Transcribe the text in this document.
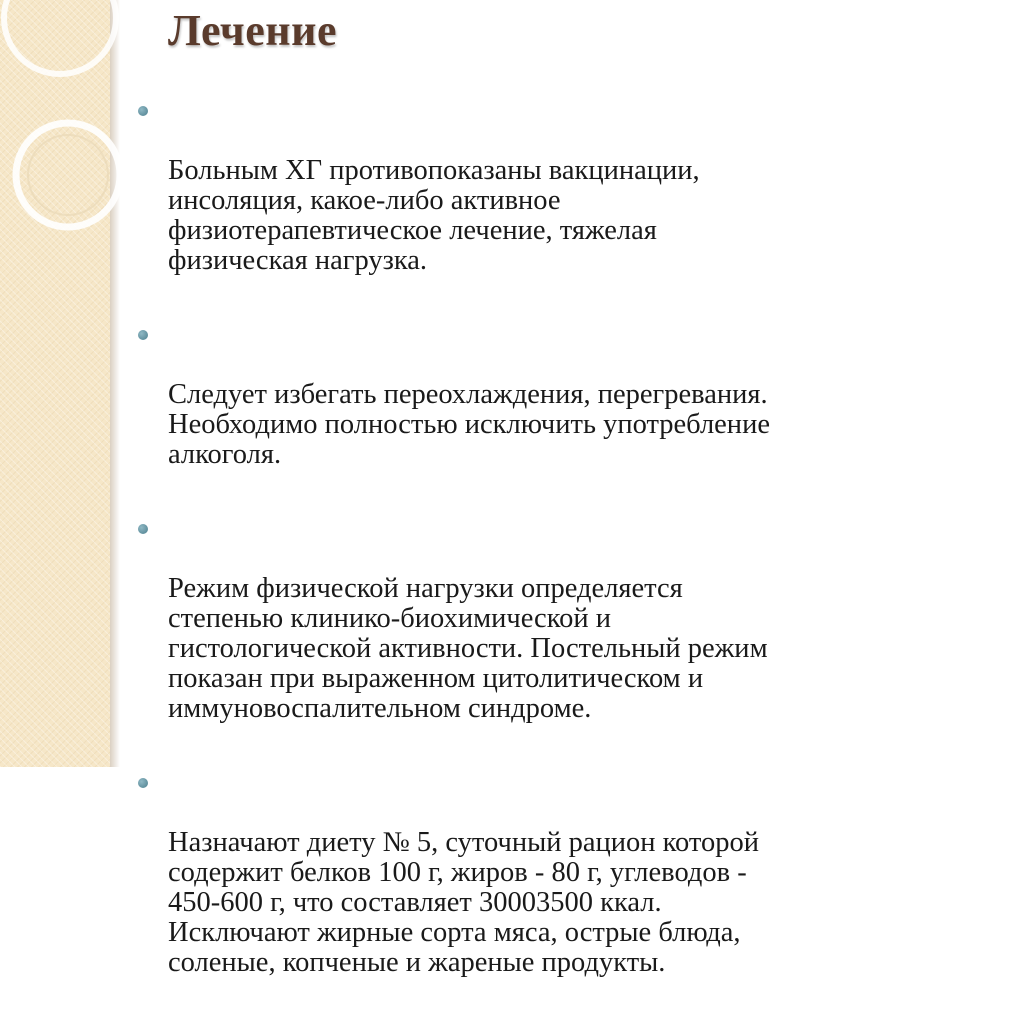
Лечение

Больным ХГ противопоказаны вакцинации,
инсоляция, какое-либо активное
физиотерапевтическое лечение, тяжелая
физическая нагрузка.

Следует избегать переохлаждения, перегревания.
Необходимо полностью исключить употребление
алкоголя.

Режим физической нагрузки определяется
степенью клинико-биохимической и
гистологической активности. Постельный режим
показан при выраженном цитолитическом и
иммуновоспалительном синдроме.

Назначают диету № 5, суточный рацион которой
содержит белков 100 г, жиров - 80 г, углеводов -
450-600 г, что составляет 30003500 ккал.
Исключают жирные сорта мяса, острые блюда,
соленые, копченые и жареные продукты.
